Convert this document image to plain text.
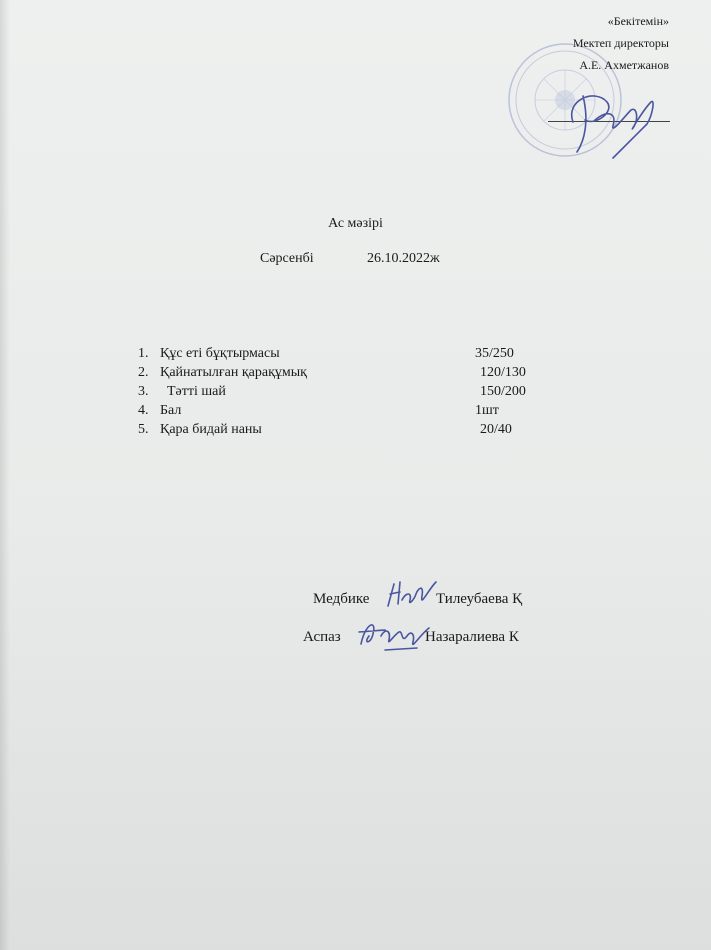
«Бекітемін»
Мектеп директоры
А.Е. Ахметжанов
Ас мәзірі
Сәрсенбі	26.10.2022ж
1. Құс еті бұқтырмасы	35/250
2. Қайнатылған қарақұмық	120/130
3. Тәтті шай	150/200
4. Бал	1шт
5. Қара бидай наны	20/40
Медбике	Тилеубаева Қ
Аспаз	Назаралиева К
